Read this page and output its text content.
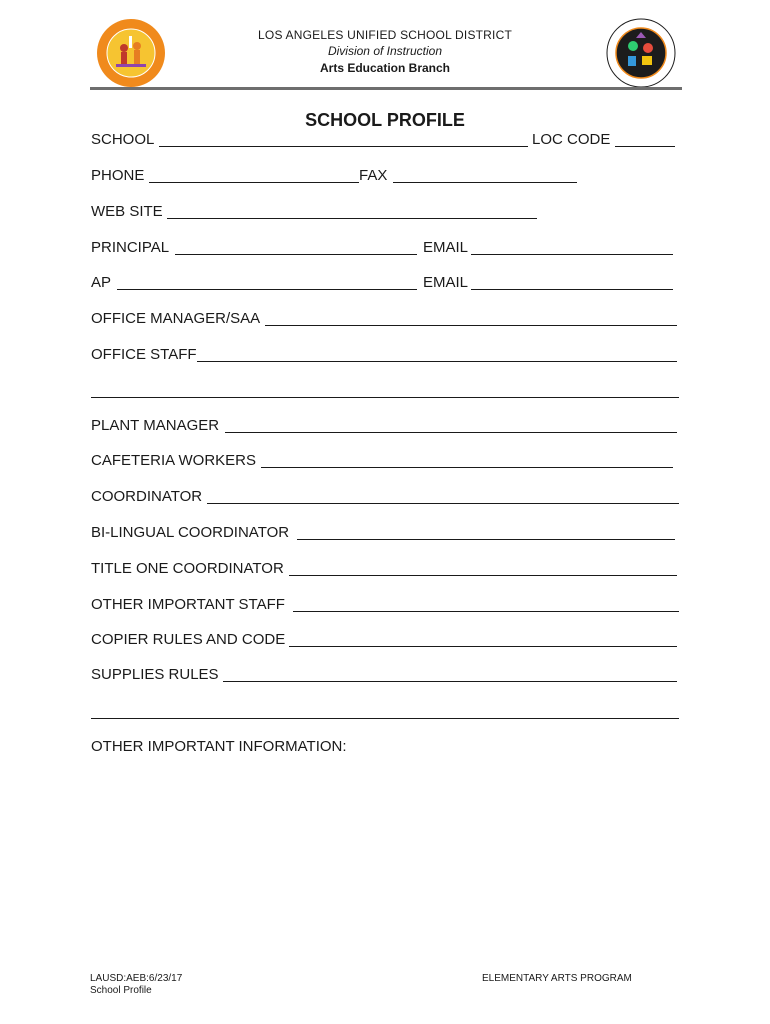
LOS ANGELES UNIFIED SCHOOL DISTRICT
Division of Instruction
Arts Education Branch
SCHOOL PROFILE
SCHOOL	LOC CODE
PHONE	FAX
WEB SITE
PRINCIPAL	EMAIL
AP	EMAIL
OFFICE MANAGER/SAA
OFFICE STAFF
PLANT MANAGER
CAFETERIA WORKERS
COORDINATOR
BI-LINGUAL COORDINATOR
TITLE ONE COORDINATOR
OTHER IMPORTANT STAFF
COPIER RULES AND CODE
SUPPLIES RULES
OTHER IMPORTANT INFORMATION:
LAUSD:AEB:6/23/17
School Profile
ELEMENTARY ARTS PROGRAM
